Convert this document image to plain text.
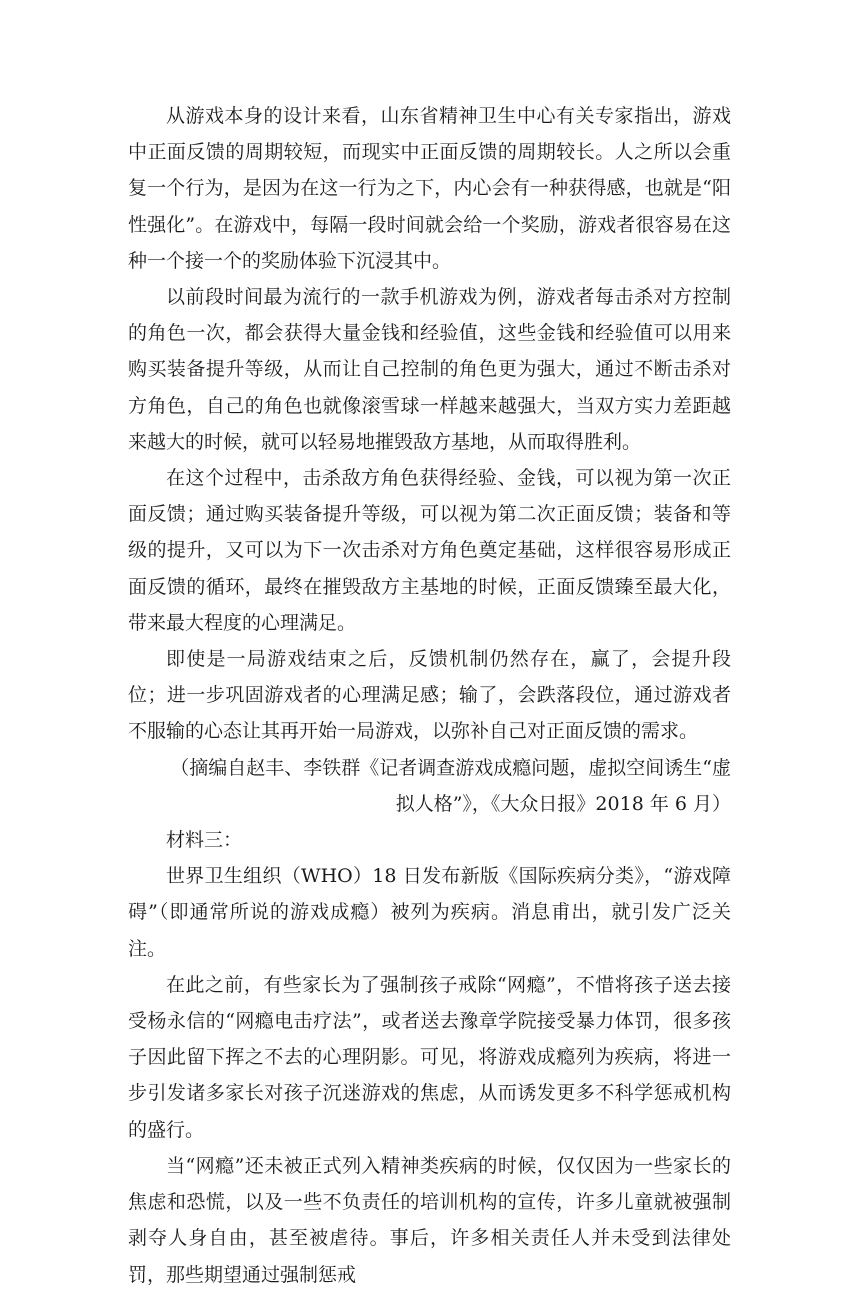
从游戏本身的设计来看，山东省精神卫生中心有关专家指出，游戏中正面反馈的周期较短，而现实中正面反馈的周期较长。人之所以会重复一个行为，是因为在这一行为之下，内心会有一种获得感，也就是“阳性强化”。在游戏中，每隔一段时间就会给一个奖励，游戏者很容易在这种一个接一个的奖励体验下沉浸其中。

以前段时间最为流行的一款手机游戏为例，游戏者每击杀对方控制的角色一次，都会获得大量金钱和经验值，这些金钱和经验值可以用来购买装备提升等级，从而让自己控制的角色更为强大，通过不断击杀对方角色，自己的角色也就像滚雪球一样越来越强大，当双方实力差距越来越大的时候，就可以轻易地摧毁敌方基地，从而取得胜利。

在这个过程中，击杀敌方角色获得经验、金钱，可以视为第一次正面反馈；通过购买装备提升等级，可以视为第二次正面反馈；装备和等级的提升，又可以为下一次击杀对方角色奠定基础，这样很容易形成正面反馈的循环，最终在摧毁敌方主基地的时候，正面反馈臻至最大化，带来最大程度的心理满足。

即使是一局游戏结束之后，反馈机制仍然存在，赢了，会提升段位；进一步巩固游戏者的心理满足感；输了，会跌落段位，通过游戏者不服输的心态让其再开始一局游戏，以弥补自己对正面反馈的需求。

（摘编自赵丰、李铁群《记者调查游戏成瘾问题，虚拟空间诱生“虚拟人格”》，《大众日报》2018 年 6 月）

材料三：

世界卫生组织（WHO）18 日发布新版《国际疾病分类》，“游戏障碍”（即通常所说的游戏成瘾）被列为疾病。消息甫出，就引发广泛关注。

在此之前，有些家长为了强制孩子戒除“网瘾”，不惜将孩子送去接受杨永信的“网瘾电击疗法”，或者送去豫章学院接受暴力体罚，很多孩子因此留下挥之不去的心理阴影。可见，将游戏成瘾列为疾病，将进一步引发诸多家长对孩子沉迷游戏的焦虑，从而诱发更多不科学惩戒机构的盛行。

当“网瘾”还未被正式列入精神类疾病的时候，仅仅因为一些家长的焦虑和恐慌，以及一些不负责任的培训机构的宣传，许多儿童就被强制剥夺人身自由，甚至被虐待。事后，许多相关责任人并未受到法律处罚，那些期望通过强制惩戒
